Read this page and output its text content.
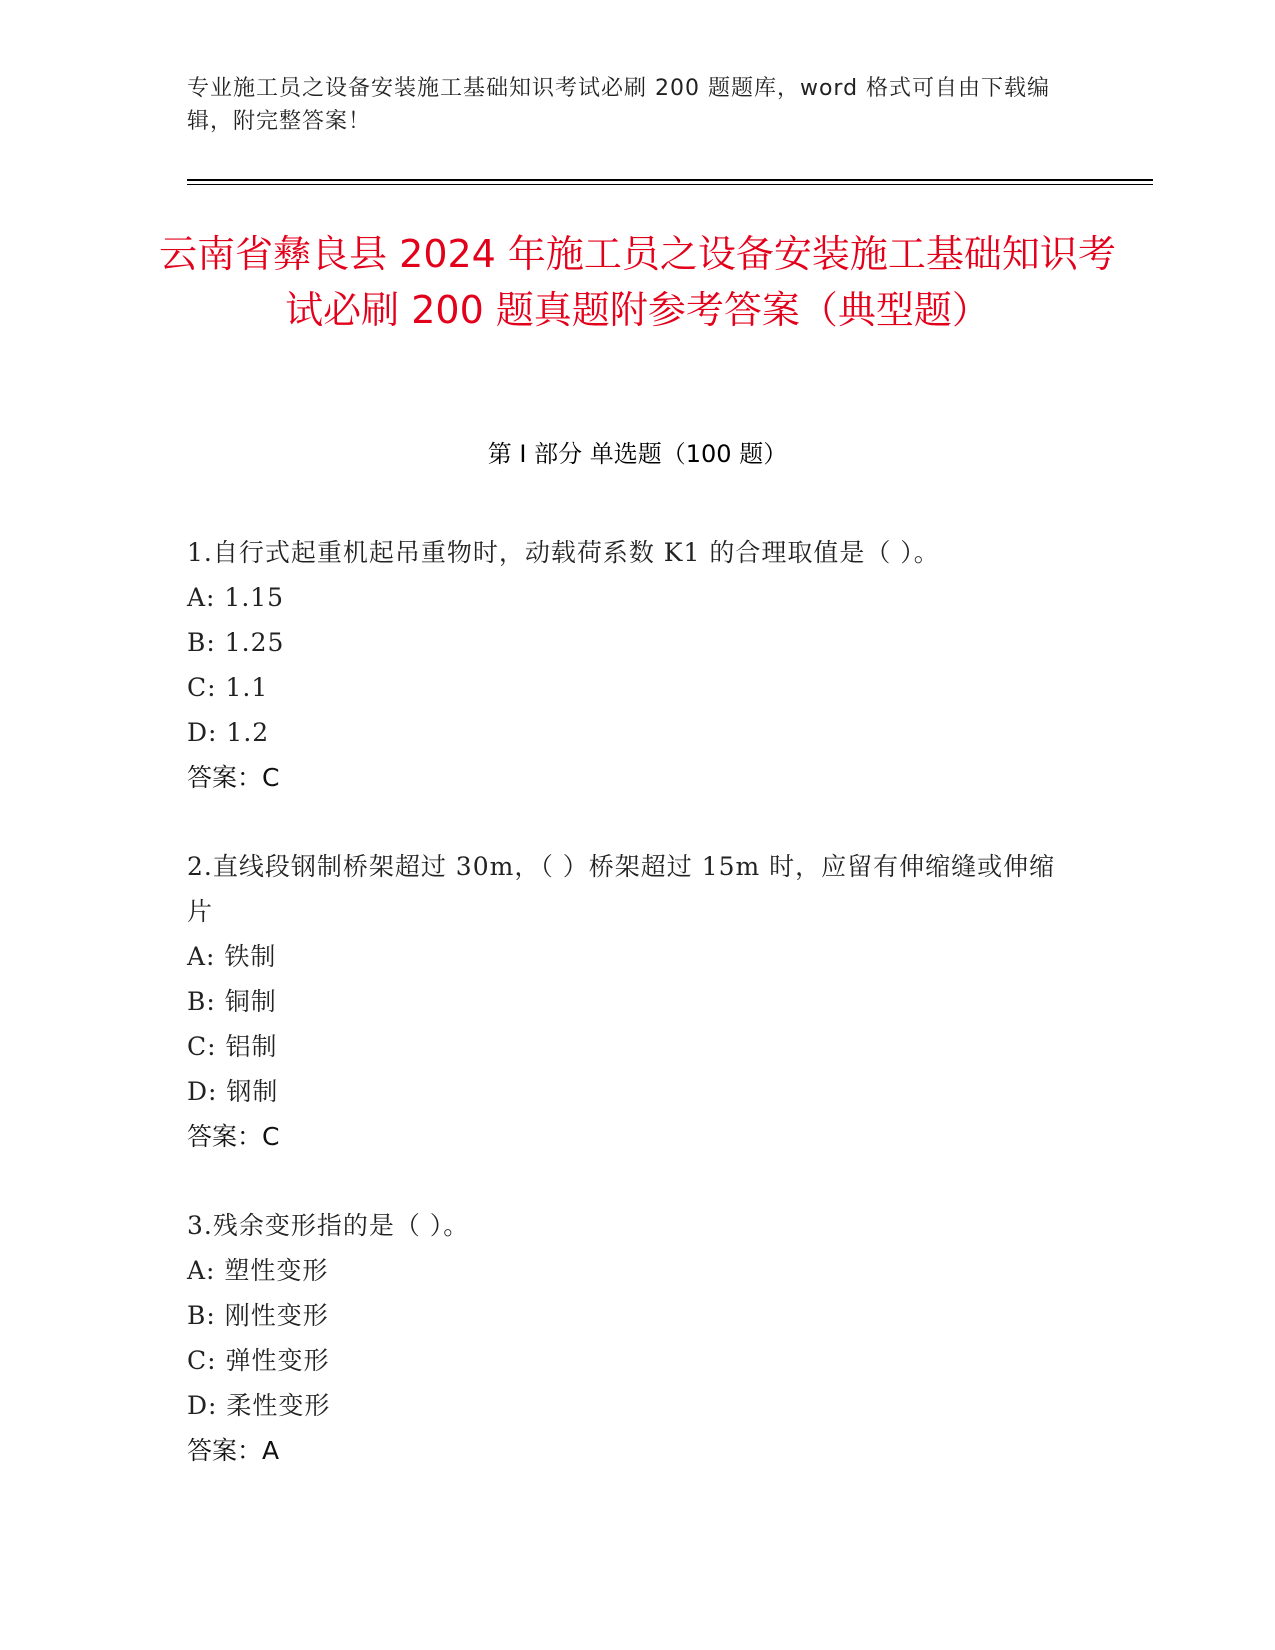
专业施工员之设备安装施工基础知识考试必刷 200 题题库，word 格式可自由下载编辑，附完整答案！
云南省彝良县 2024 年施工员之设备安装施工基础知识考试必刷 200 题真题附参考答案（典型题）
第 I 部分 单选题（100 题）
1.自行式起重机起吊重物时，动载荷系数 K1 的合理取值是（ ）。
A: 1.15
B: 1.25
C: 1.1
D: 1.2
答案：C
2.直线段钢制桥架超过 30m，（ ）桥架超过 15m 时，应留有伸缩缝或伸缩片
A: 铁制
B: 铜制
C: 铝制
D: 钢制
答案：C
3.残余变形指的是（ ）。
A: 塑性变形
B: 刚性变形
C: 弹性变形
D: 柔性变形
答案：A
